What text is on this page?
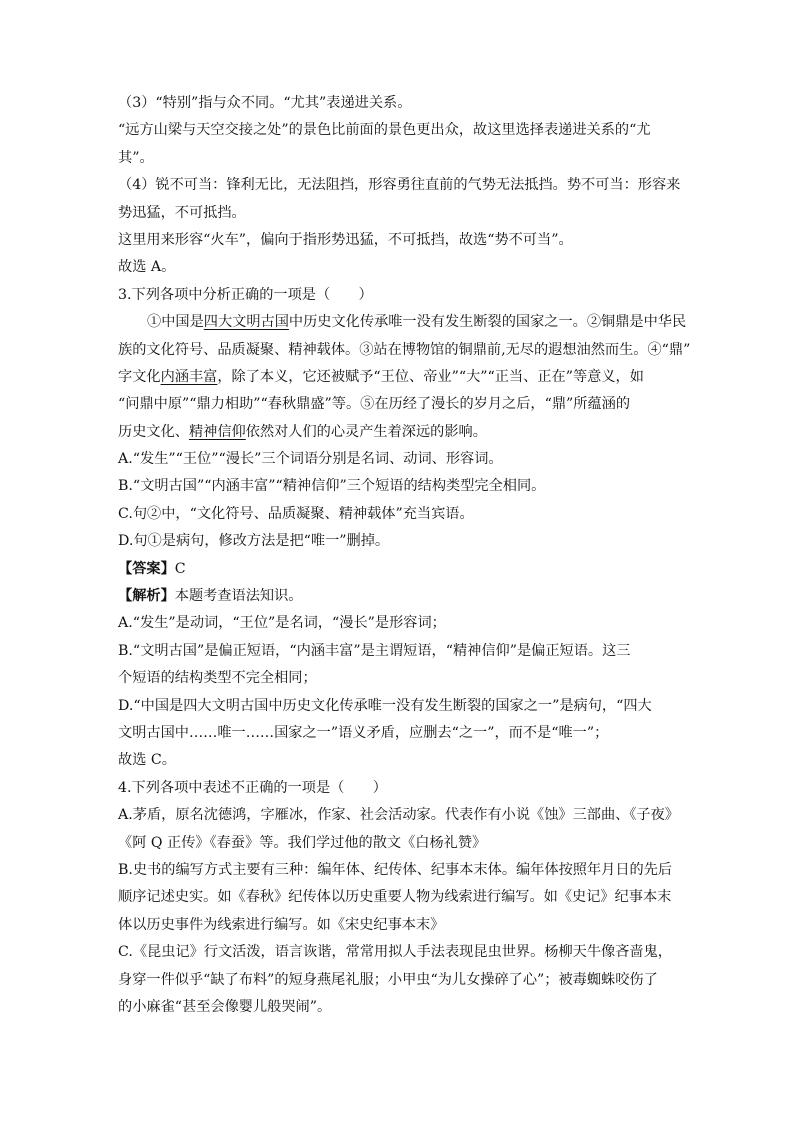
（3）“特别”指与众不同。“尤其”表递进关系。
“远方山梁与天空交接之处”的景色比前面的景色更出众，故这里选择表递进关系的“尤
其”。
（4）锐不可当：锋利无比，无法阻挡，形容勇往直前的气势无法抵挡。势不可当：形容来
势迅猛，不可抵挡。
这里用来形容“火车”，偏向于指形势迅猛，不可抵挡，故选“势不可当”。
故选 A。
3.下列各项中分析正确的一项是（　　）
①中国是四大文明古国中历史文化传承唯一没有发生断裂的国家之一。②铜鼎是中华民
族的文化符号、品质凝聚、精神载体。③站在博物馆的铜鼎前,无尽的遐想油然而生。④“鼎”
字文化内涵丰富，除了本义，它还被赋予“王位、帝业”“大”“正当、正在”等意义，如
“问鼎中原”“鼎力相助”“春秋鼎盛”等。⑤在历经了漫长的岁月之后，“鼎”所蕴涵的
历史文化、精神信仰依然对人们的心灵产生着深远的影响。
A.“发生”“王位”“漫长”三个词语分别是名词、动词、形容词。
B.“文明古国”“内涵丰富”“精神信仰”三个短语的结构类型完全相同。
C.句②中，“文化符号、品质凝聚、精神载体”充当宾语。
D.句①是病句，修改方法是把“唯一”删掉。
【答案】C
【解析】本题考查语法知识。
A.“发生”是动词，“王位”是名词，“漫长”是形容词；
B.“文明古国”是偏正短语，“内涵丰富”是主谓短语，“精神信仰”是偏正短语。这三
个短语的结构类型不完全相同；
D.“中国是四大文明古国中历史文化传承唯一没有发生断裂的国家之一”是病句，“四大
文明古国中……唯一……国家之一”语义矛盾，应删去“之一”，而不是“唯一”；
故选 C。
4.下列各项中表述不正确的一项是（　　）
A.茅盾，原名沈德鸿，字雁冰，作家、社会活动家。代表作有小说《蚀》三部曲、《子夜》
《阿 Q 正传》《春蚕》等。我们学过他的散文《白杨礼赞》
B.史书的编写方式主要有三种：编年体、纪传体、纪事本末体。编年体按照年月日的先后
顺序记述史实。如《春秋》纪传体以历史重要人物为线索进行编写。如《史记》纪事本末
体以历史事件为线索进行编写。如《宋史纪事本末》
C.《昆虫记》行文活泼，语言诙谐，常常用拟人手法表现昆虫世界。杨柳天牛像吝啬鬼，
身穿一件似乎“缺了布料”的短身燕尾礼服；小甲虫“为儿女操碎了心”；被毒蜘蛛咬伤了
的小麻雀“甚至会像婴儿般哭闹”。
